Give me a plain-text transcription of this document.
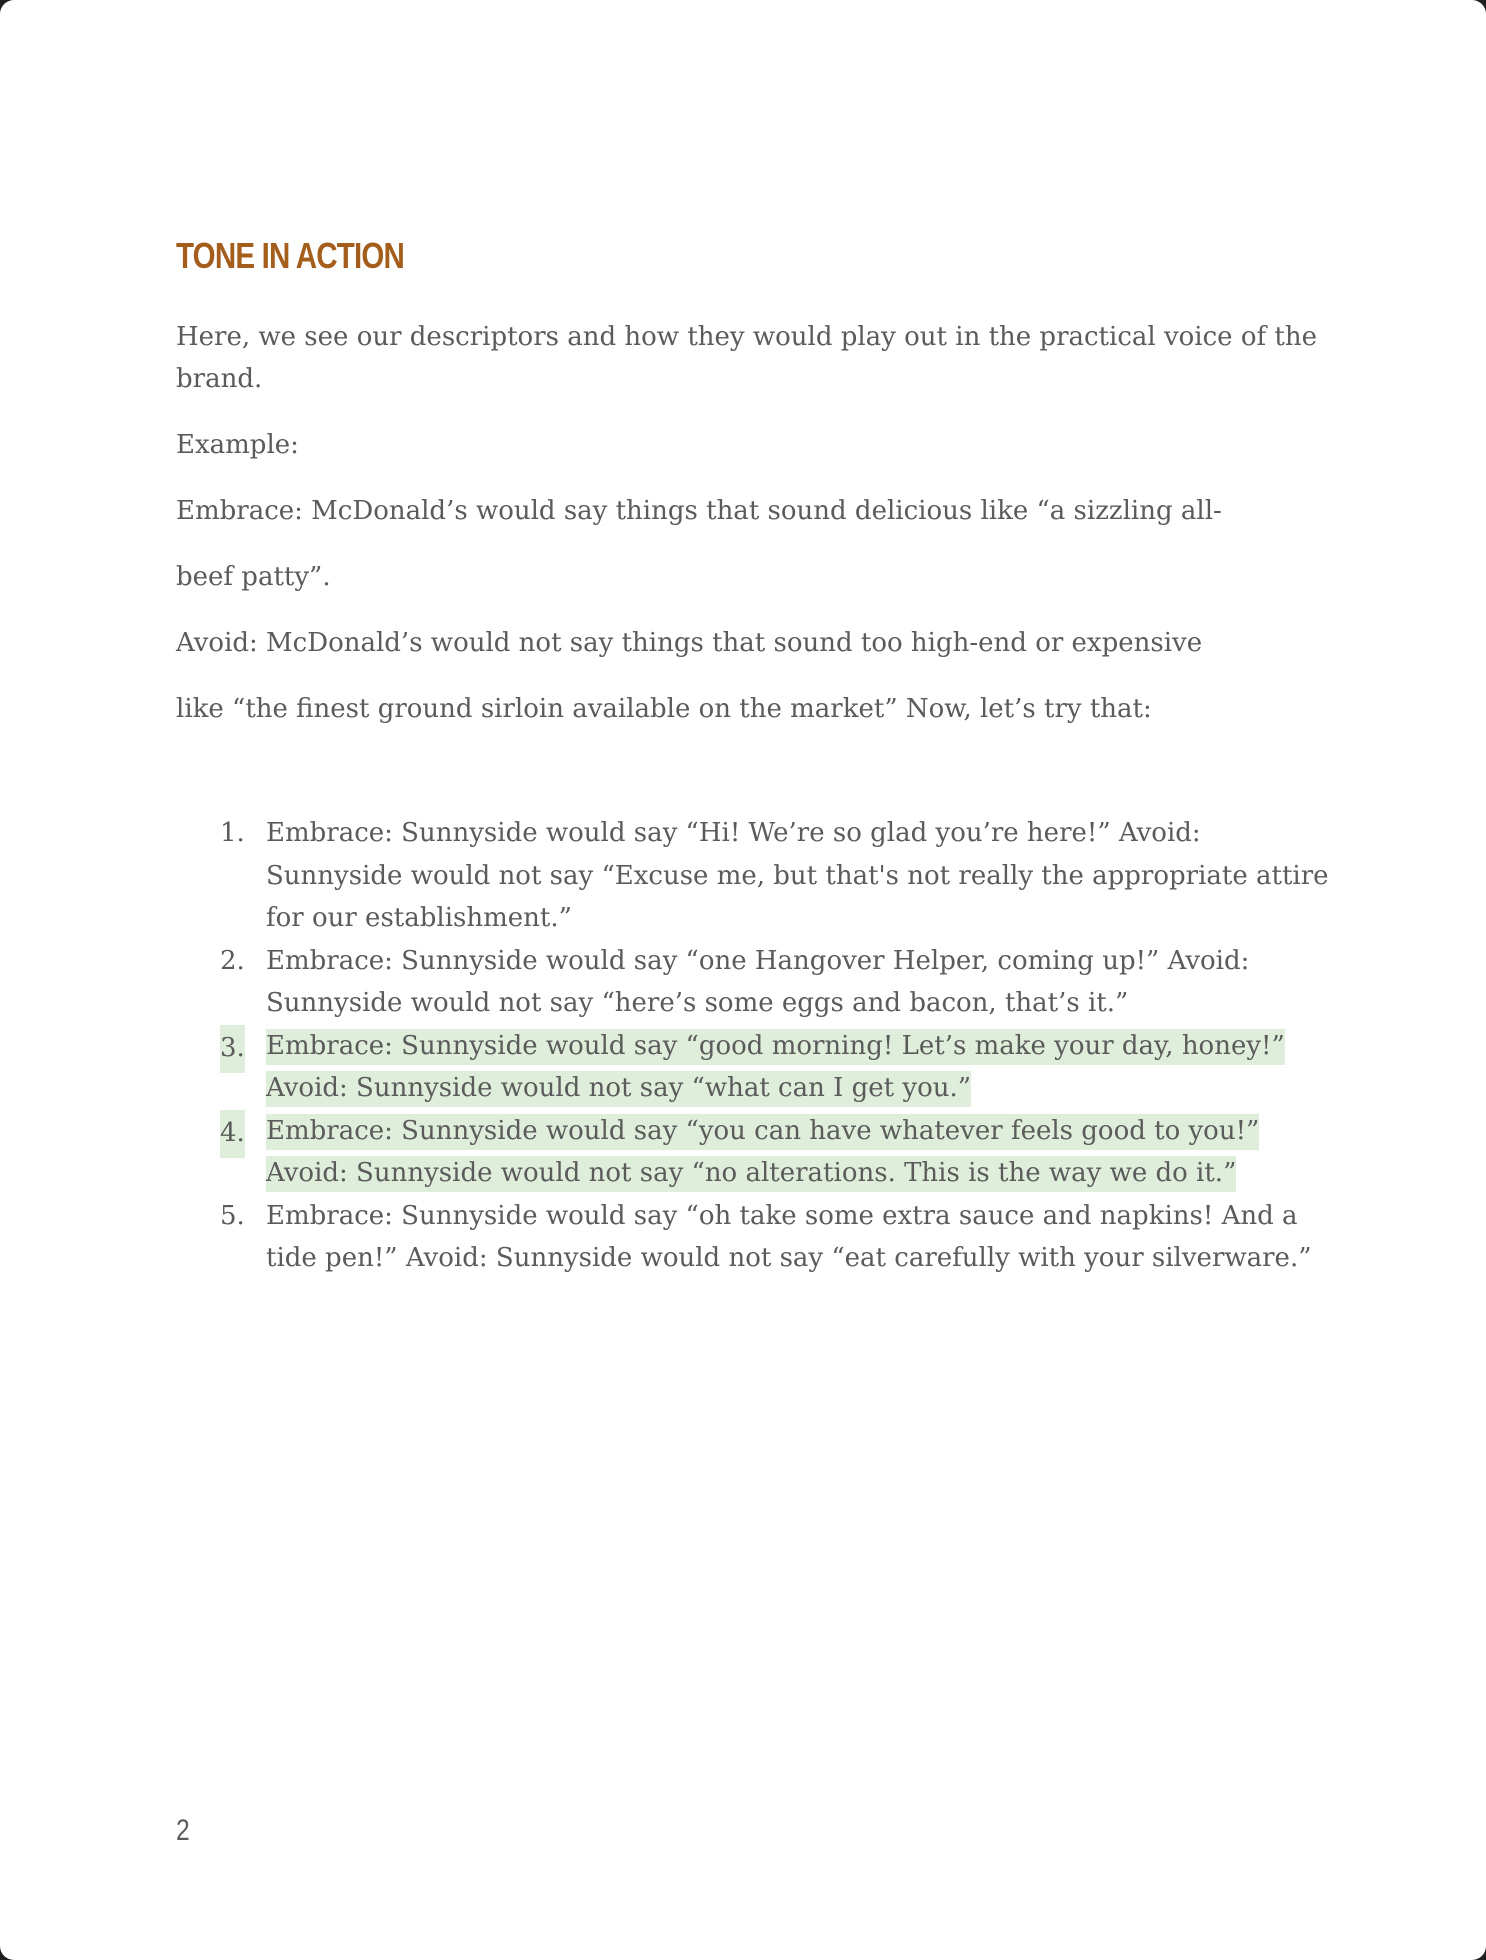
TONE IN ACTION

Here, we see our descriptors and how they would play out in the practical voice of the brand.

Example:

Embrace: McDonald’s would say things that sound delicious like “a sizzling all-

beef patty”.

Avoid: McDonald’s would not say things that sound too high-end or expensive

like “the finest ground sirloin available on the market” Now, let’s try that:

1. Embrace: Sunnyside would say “Hi! We’re so glad you’re here!” Avoid: Sunnyside would not say “Excuse me, but that's not really the appropriate attire for our establishment.”
2. Embrace: Sunnyside would say “one Hangover Helper, coming up!” Avoid: Sunnyside would not say “here’s some eggs and bacon, that’s it.”
3. Embrace: Sunnyside would say “good morning! Let’s make your day, honey!” Avoid: Sunnyside would not say “what can I get you.”
4. Embrace: Sunnyside would say “you can have whatever feels good to you!” Avoid: Sunnyside would not say “no alterations. This is the way we do it.”
5. Embrace: Sunnyside would say “oh take some extra sauce and napkins! And a tide pen!” Avoid: Sunnyside would not say “eat carefully with your silverware.”
2
